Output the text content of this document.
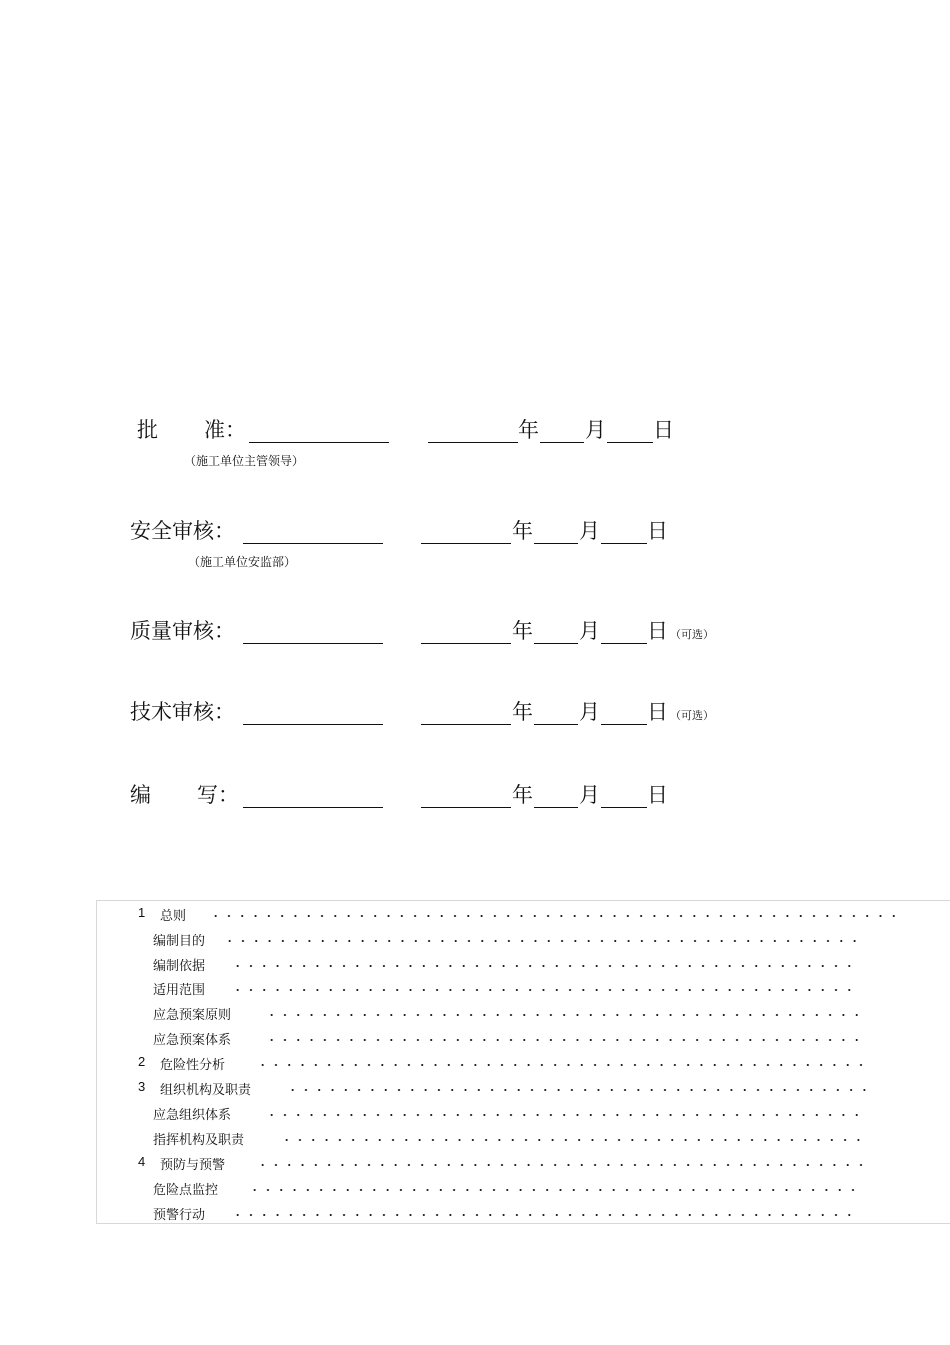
批 准 ：	年 月 日
（施工单位主管领导）
安全审核：	年 月 日
（施工单位安监部）
质量审核：	年 月 日 （可选）
技术审核：	年 月 日 （可选）
编 写 ：	年 月 日
1 总则
编制目的
编制依据
适用范围
应急预案原则
应急预案体系
2 危险性分析
3 组织机构及职责
应急组织体系
指挥机构及职责
4 预防与预警
危险点监控
预警行动
